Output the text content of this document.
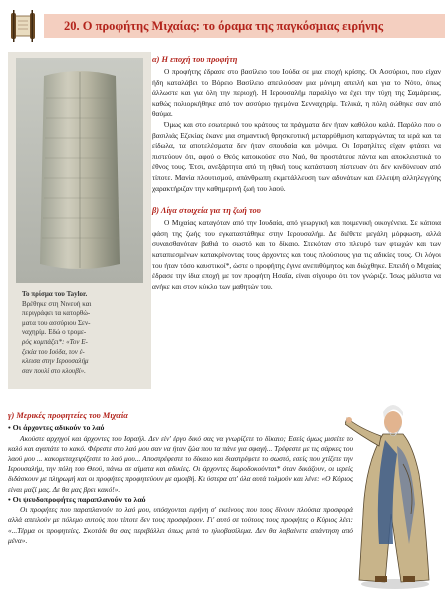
20. Ο προφήτης Μιχαίας: το όραμα της παγκόσμιας ειρήνης
Το πρίσμα του Taylor.
Βρέθηκε στη Νινευή και
περιγράφει τα κατορθώ-
ματα του ασσύριου Σεν-
ναχηρίμ. Εδώ ο τρομε-
ρός κομπάζει*: «Τον Ε-
ζεκία του Ιούδα, τον έ-
κλεισα στην Ιερουσαλήμ
σαν πουλί στο κλουβί».
α) Η εποχή του προφήτη

Ο προφήτης έδρασε στο βασίλειο του Ιούδα σε μια εποχή κρίσης. Οι Ασσύριοι, που είχαν ήδη καταλάβει το Βόρειο Βασίλειο απειλούσαν μια μόνιμη απειλή και για το Νότο, όπως άλλωστε και για όλη την περιοχή. Η Ιερουσαλήμ παραλίγο να έχει την τύχη της Σαμάρειας, καθώς πολιορκήθηκε από τον ασσύριο ηγεμόνα Σενναχηρίμ. Τελικά, η πόλη σώθηκε σαν από θαύμα.

Όμως και στο εσωτερικό του κράτους τα πράγματα δεν ήταν καθόλου καλά. Παρόλο που ο βασιλιάς Εζεκίας έκανε μια σημαντική θρησκευτική μεταρρύθμιση καταργώντας τα ιερά και τα είδωλα, τα αποτελέσματα δεν ήταν σπουδαία και μόνιμα. Οι Ισραηλίτες είχαν φτάσει να πιστεύουν ότι, αφού ο Θεός κατοικούσε στο Ναό, θα προστάτευε πάντα και αποκλειστικά το έθνος τους. Έτσι, ανεξάρτητα από τη ηθική τους κατάσταση πίστευαν ότι δεν κινδύνευαν από τίποτε. Μανία πλουτισμού, απάνθρωπη εκμετάλλευση των αδυνάτων και έλλειψη αλληλεγγύης χαρακτήριζαν την καθημερινή ζωή του λαού.

β) Λίγα στοιχεία για τη ζωή του

Ο Μιχαίας καταγόταν από την Ιουδαία, από γεωργική και ποιμενική οικογένεια. Σε κάποια φάση της ζωής του εγκαταστάθηκε στην Ιερουσαλήμ. Δε διέθετε μεγάλη μόρφωση, αλλά συναισθανόταν βαθιά το σωστό και το δίκαιο. Στεκόταν στο πλευρό των φτωχών και των καταπιεσμένων κατακρίνοντας τους άρχοντες και τους πλούσιους για τις αδικίες τους. Οι λόγοι του ήταν τόσο καυστικοί*, ώστε ο προφήτης έγινε ανεπιθύμητος και διώχθηκε. Επειδή ο Μιχαίας έδρασε την ίδια εποχή με τον προφήτη Ησαΐα, είναι σίγουρο ότι τον γνώριζε. Ίσως μάλιστα να ανήκε και στον κύκλο των μαθητών του.

γ) Μερικές προφητείες του Μιχαία
• Οι άρχοντες αδικούν το λαό

Ακούστε αρχηγοί και άρχοντες του Ισραήλ. Δεν είν' έργο δικό σας να γνωρίζετε το δίκαιο; Εσείς όμως μισείτε το καλό και αγαπάτε το κακό. Φέρεστε στο λαό μου σαν να ήταν ζώα που τα πάνε για σφαγή... Τρέφεστε με τις σάρκες του λαού μου ... κακομεταχειρίζεστε το λαό μου... Αποστρέφεστε το δίκαιο και διαστρέφετε το σωστό, εσείς που χτίζετε την Ιερουσαλήμ, την πόλη του Θεού, πάνω σε αίματα και αδικίες. Οι άρχοντες δωροδοκούνται* όταν δικάζουν, οι ιερείς διδάσκουν με πληρωμή και οι προφήτες προφητεύουν με αμοιβή. Κι ύστερα απ' όλα αυτά τολμούν και λένε: «Ο Κύριος είναι μαζί μας. Δε θα μας βρει κακό!».

• Οι ψευδοπροφήτες παραπλανούν το λαό

Οι προφήτες που παραπλανούν το λαό μου, υπόσχονται ειρήνη σ' εκείνους που τους δίνουν πλούσια προσφορά αλλά απειλούν με πόλεμο αυτούς που τίποτε δεν τους προσφέρουν. Γι' αυτό σε τούτους τους προφήτες ο Κύριος λέει: «...Τέρμα οι προφητείες. Σκοτάδι θα σας περιβάλλει όπως μετά το ηλιοβασίλεμα. Δεν θα λαβαίνετε απάντηση από μένα».
